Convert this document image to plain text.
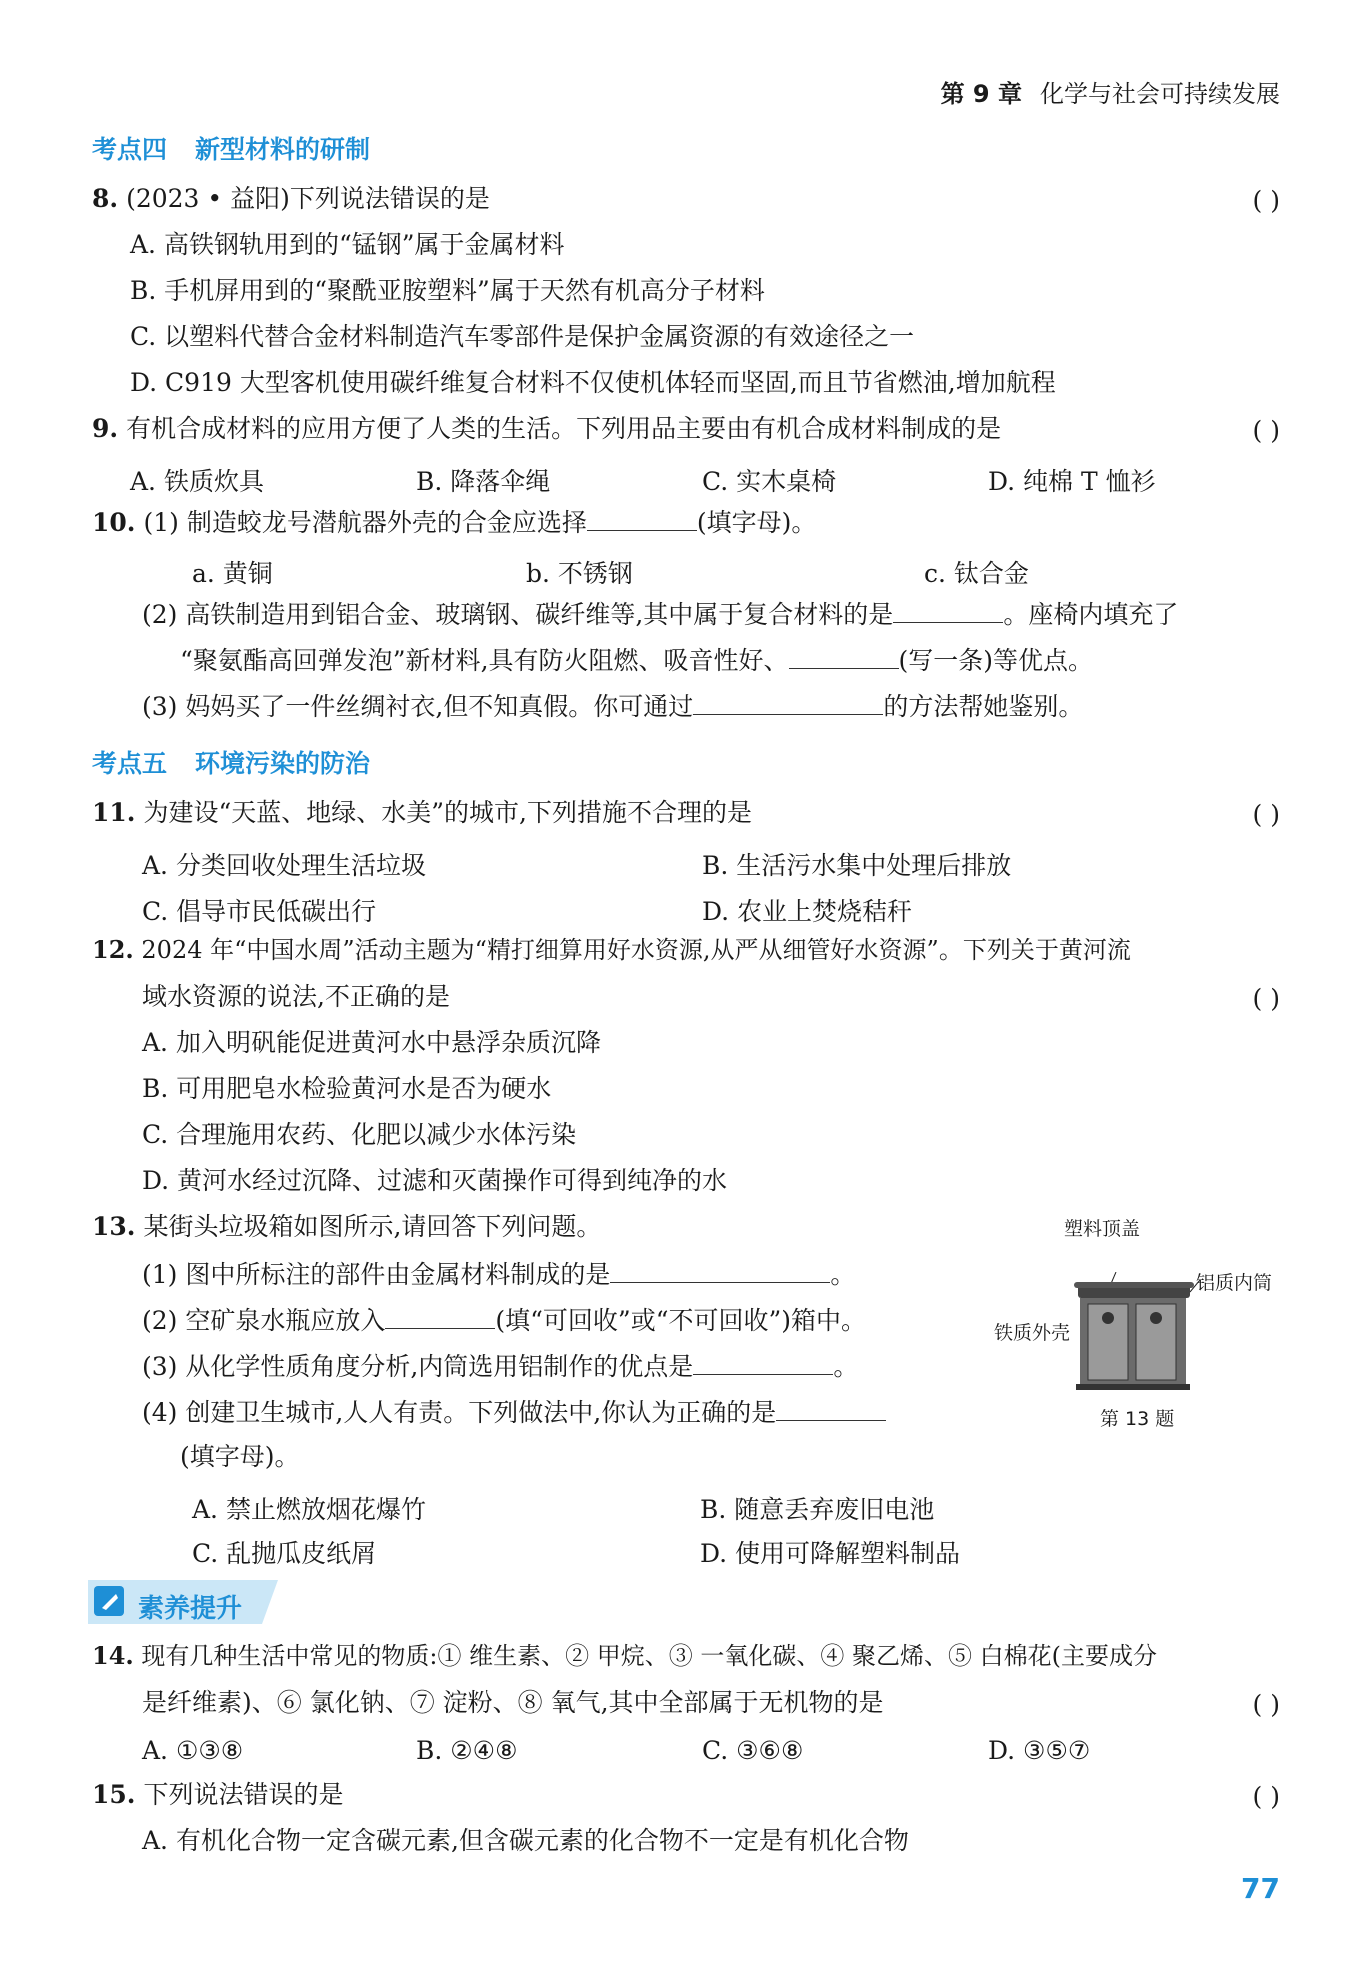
第 9 章 化学与社会可持续发展
考点四 新型材料的研制
8. (2023 • 益阳)下列说法错误的是	( )
A. 高铁钢轨用到的“锰钢”属于金属材料
B. 手机屏用到的“聚酰亚胺塑料”属于天然有机高分子材料
C. 以塑料代替合金材料制造汽车零部件是保护金属资源的有效途径之一
D. C919 大型客机使用碳纤维复合材料不仅使机体轻而坚固,而且节省燃油,增加航程
9. 有机合成材料的应用方便了人类的生活。下列用品主要由有机合成材料制成的是	( )
A. 铁质炊具	B. 降落伞绳	C. 实木桌椅	D. 纯棉 T 恤衫
10. (1) 制造蛟龙号潜航器外壳的合金应选择	(填字母)。
a. 黄铜	b. 不锈钢	c. 钛合金
(2) 高铁制造用到铝合金、玻璃钢、碳纤维等,其中属于复合材料的是	。座椅内填充了
“聚氨酯高回弹发泡”新材料,具有防火阻燃、吸音性好、	(写一条)等优点。
(3) 妈妈买了一件丝绸衬衣,但不知真假。你可通过	的方法帮她鉴别。
考点五 环境污染的防治
11. 为建设“天蓝、地绿、水美”的城市,下列措施不合理的是	( )
A. 分类回收处理生活垃圾	B. 生活污水集中处理后排放
C. 倡导市民低碳出行	D. 农业上焚烧秸秆
12. 2024 年“中国水周”活动主题为“精打细算用好水资源,从严从细管好水资源”。下列关于黄河流
域水资源的说法,不正确的是	( )
A. 加入明矾能促进黄河水中悬浮杂质沉降
B. 可用肥皂水检验黄河水是否为硬水
C. 合理施用农药、化肥以减少水体污染
D. 黄河水经过沉降、过滤和灭菌操作可得到纯净的水
13. 某街头垃圾箱如图所示,请回答下列问题。
(1) 图中所标注的部件由金属材料制成的是	。
(2) 空矿泉水瓶应放入	(填“可回收”或“不可回收”)箱中。
(3) 从化学性质角度分析,内筒选用铝制作的优点是	。
(4) 创建卫生城市,人人有责。下列做法中,你认为正确的是
(填字母)。
A. 禁止燃放烟花爆竹	B. 随意丢弃废旧电池
C. 乱抛瓜皮纸屑	D. 使用可降解塑料制品
塑料顶盖
铝质内筒
铁质外壳
第 13 题
素养提升
14. 现有几种生活中常见的物质:① 维生素、② 甲烷、③ 一氧化碳、④ 聚乙烯、⑤ 白棉花(主要成分
是纤维素)、⑥ 氯化钠、⑦ 淀粉、⑧ 氧气,其中全部属于无机物的是	( )
A. ①③⑧	B. ②④⑧	C. ③⑥⑧	D. ③⑤⑦
15. 下列说法错误的是	( )
A. 有机化合物一定含碳元素,但含碳元素的化合物不一定是有机化合物
77
